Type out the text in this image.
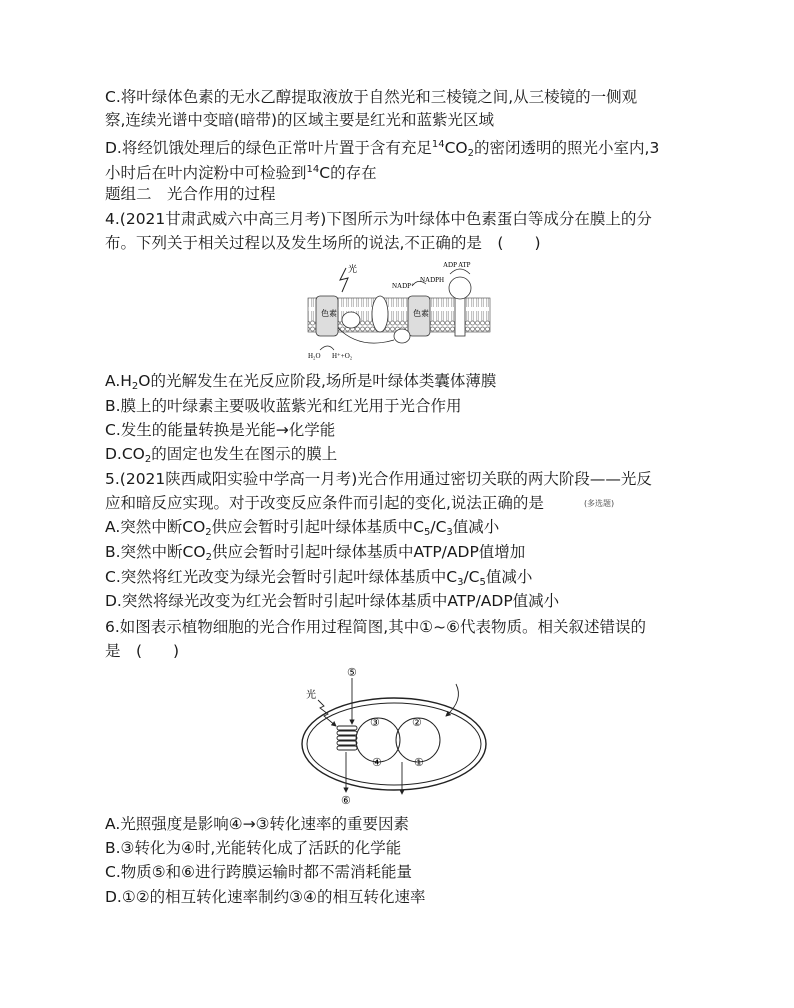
C.将叶绿体色素的无水乙醇提取液放于自然光和三棱镜之间,从三棱镜的一侧观
察,连续光谱中变暗(暗带)的区域主要是红光和蓝紫光区域
D.将经饥饿处理后的绿色正常叶片置于含有充足$^{14}CO_2$的密闭透明的照光小室内,3
小时后在叶内淀粉中可检验到$^{14}$C的存在
题组二　光合作用的过程
4.(2021甘肃武威六中高三月考)下图所示为叶绿体中色素蛋白等成分在膜上的分
布。下列关于相关过程以及发生场所的说法,不正确的是　(　　)
色素	色素
光
NADP⁺
NADPH
ADP ATP
H₂O H⁺+O₂
$A.H_2O$的光解发生在光反应阶段,场所是叶绿体类囊体薄膜
B.膜上的叶绿素主要吸收蓝紫光和红光用于光合作用
C.发生的能量转换是光能→化学能
$D.CO_2$的固定也发生在图示的膜上
5.(2021陕西咸阳实验中学高一月考)光合作用通过密切关联的两大阶段——光反
应和暗反应实现。对于改变反应条件而引起的变化,说法正确的是	(多选题)
A.突然中断$CO_2$供应会暂时引起叶绿体基质中$C_5/C_3$值减小
B.突然中断$CO_2$供应会暂时引起叶绿体基质中ATP/ADP值增加
C.突然将红光改变为绿光会暂时引起叶绿体基质中$C_3/C_5$值减小
D.突然将绿光改变为红光会暂时引起叶绿体基质中ATP/ADP值减小
6.如图表示植物细胞的光合作用过程简图,其中①~⑥代表物质。相关叙述错误的
是　(　　)
光
⑤
⑥
③
④
②
①
A.光照强度是影响④→③转化速率的重要因素
B.③转化为④时,光能转化成了活跃的化学能
C.物质⑤和⑥进行跨膜运输时都不需消耗能量
D.①②的相互转化速率制约③④的相互转化速率
